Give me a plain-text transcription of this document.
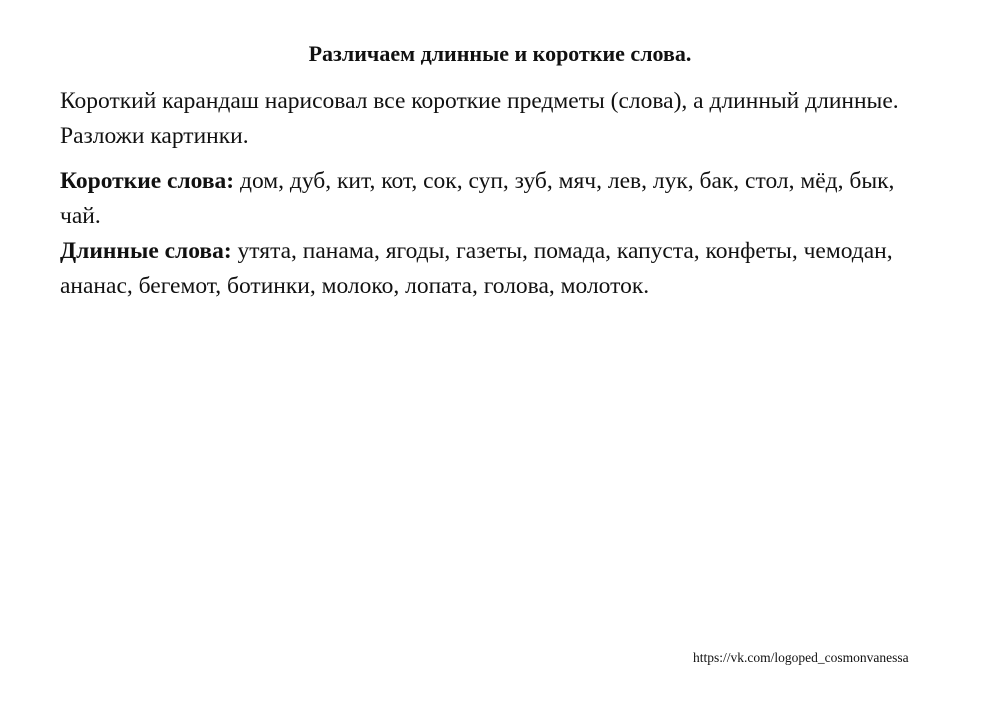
Различаем длинные и короткие слова.
Короткий карандаш нарисовал все короткие предметы (слова), а длинный длинные. Разложи картинки.

Короткие слова: дом, дуб, кит, кот, сок, суп, зуб, мяч, лев, лук, бак, стол, мёд, бык, чай.

Длинные слова: утята, панама, ягоды, газеты, помада, капуста, конфеты, чемодан, ананас, бегемот, ботинки, молоко, лопата, голова, молоток.

https://vk.com/logoped_cosmonvanessa
